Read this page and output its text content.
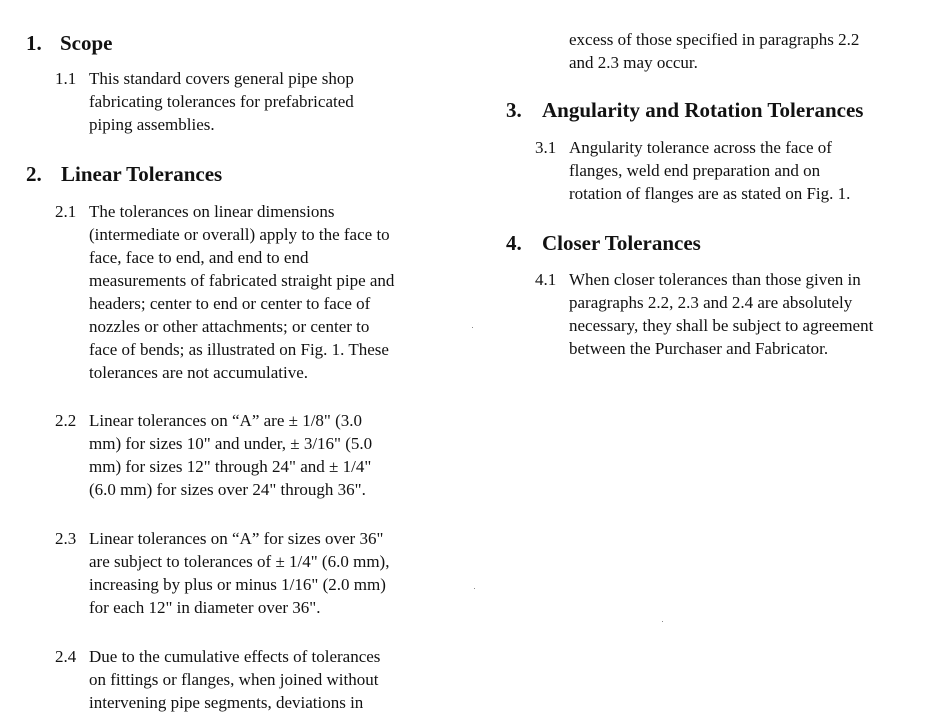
1. Scope
1.1 This standard covers general pipe shop
fabricating tolerances for prefabricated
piping assemblies.
2. Linear Tolerances
2.1 The tolerances on linear dimensions
(intermediate or overall) apply to the face to
face, face to end, and end to end
measurements of fabricated straight pipe and
headers; center to end or center to face of
nozzles or other attachments; or center to
face of bends; as illustrated on Fig. 1. These
tolerances are not accumulative.
2.2 Linear tolerances on “A” are ± 1/8" (3.0
mm) for sizes 10" and under, ± 3/16" (5.0
mm) for sizes 12" through 24" and ± 1/4"
(6.0 mm) for sizes over 24" through 36".
2.3 Linear tolerances on “A” for sizes over 36"
are subject to tolerances of ± 1/4" (6.0 mm),
increasing by plus or minus 1/16" (2.0 mm)
for each 12" in diameter over 36".
2.4 Due to the cumulative effects of tolerances
on fittings or flanges, when joined without
intervening pipe segments, deviations in
excess of those specified in paragraphs 2.2
and 2.3 may occur.
3. Angularity and Rotation Tolerances
3.1 Angularity tolerance across the face of
flanges, weld end preparation and on
rotation of flanges are as stated on Fig. 1.
4. Closer Tolerances
4.1 When closer tolerances than those given in
paragraphs 2.2, 2.3 and 2.4 are absolutely
necessary, they shall be subject to agreement
between the Purchaser and Fabricator.
